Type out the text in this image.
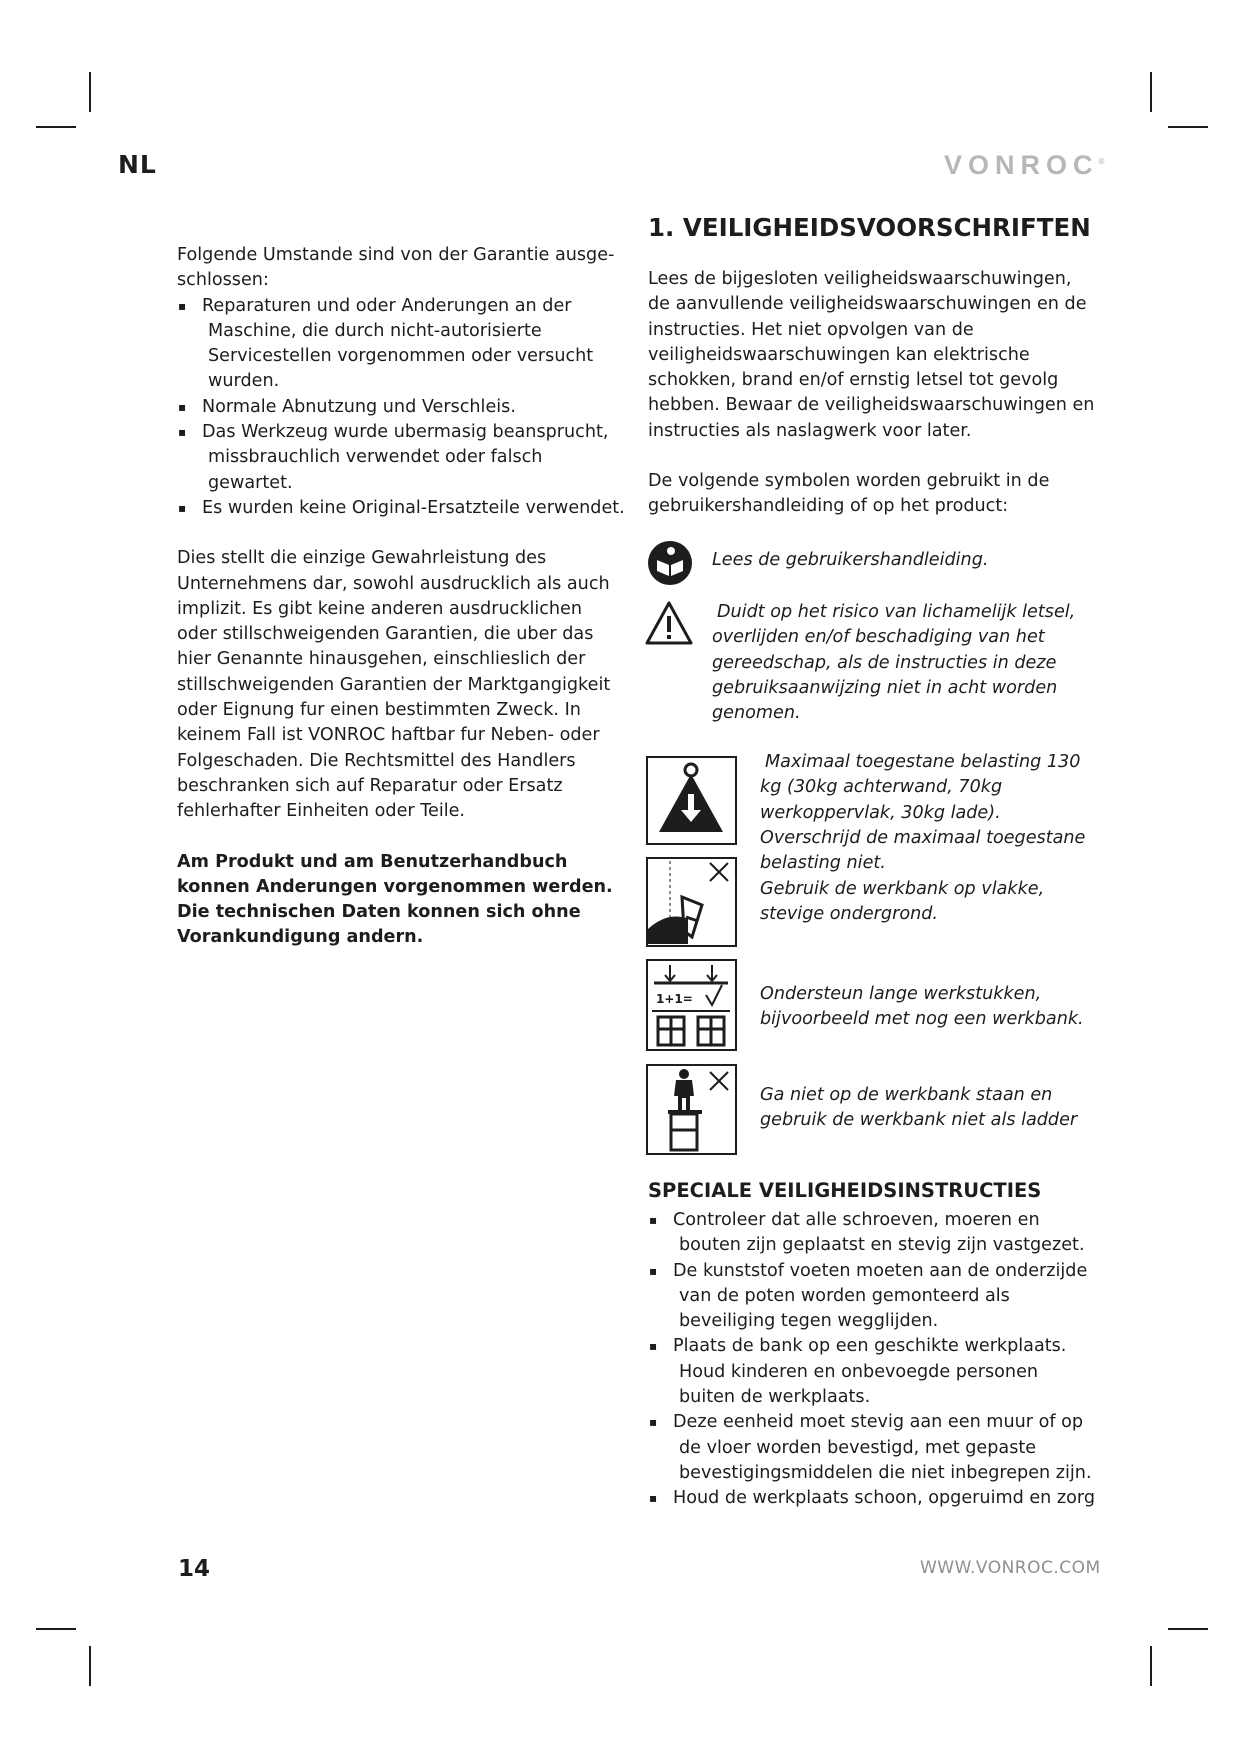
NL	VONROC®

Folgende Umstande sind von der Garantie ausge- schlossen:

▪ Reparaturen und oder Anderungen an der Maschine, die durch nicht-autorisierte Servicestellen vorgenommen oder versucht wurden.
▪ Normale Abnutzung und Verschleis.
▪ Das Werkzeug wurde ubermasig beansprucht, missbrauchlich verwendet oder falsch gewartet.
▪ Es wurden keine Original-Ersatzteile verwendet.

Dies stellt die einzige Gewahrleistung des Unternehmens dar, sowohl ausdrucklich als auch implizit. Es gibt keine anderen ausdrucklichen oder stillschweigenden Garantien, die uber das hier Genannte hinausgehen, einschlieslich der stillschweigenden Garantien der Marktgangigkeit oder Eignung fur einen bestimmten Zweck. In keinem Fall ist VONROC haftbar fur Neben- oder Folgeschaden. Die Rechtsmittel des Handlers beschranken sich auf Reparatur oder Ersatz fehlerhafter Einheiten oder Teile.

Am Produkt und am Benutzerhandbuch konnen Anderungen vorgenommen werden. Die technischen Daten konnen sich ohne Vorankundigung andern.

1. VEILIGHEIDSVOORSCHRIFTEN

Lees de bijgesloten veiligheidswaarschuwingen, de aanvullende veiligheidswaarschuwingen en de instructies. Het niet opvolgen van de veiligheidswaarschuwingen kan elektrische schokken, brand en/of ernstig letsel tot gevolg hebben. Bewaar de veiligheidswaarschuwingen en instructies als naslagwerk voor later.

De volgende symbolen worden gebruikt in de gebruikershandleiding of op het product:

Lees de gebruikershandleiding.
Duidt op het risico van lichamelijk letsel, overlijden en/of beschadiging van het gereedschap, als de instructies in deze gebruiksaanwijzing niet in acht worden genomen.
Maximaal toegestane belasting 130 kg (30kg achterwand, 70kg werkoppervlak, 30kg lade). Overschrijd de maximaal toegestane belasting niet.
Gebruik de werkbank op vlakke, stevige ondergrond.
1+1=	Ondersteun lange werkstukken, bijvoorbeeld met nog een werkbank.
Ga niet op de werkbank staan en gebruik de werkbank niet als ladder
SPECIALE VEILIGHEIDSINSTRUCTIES
▪ Controleer dat alle schroeven, moeren en bouten zijn geplaatst en stevig zijn vastgezet.
▪ De kunststof voeten moeten aan de onderzijde van de poten worden gemonteerd als beveiliging tegen wegglijden.
▪ Plaats de bank op een geschikte werkplaats. Houd kinderen en onbevoegde personen buiten de werkplaats.
▪ Deze eenheid moet stevig aan een muur of op de vloer worden bevestigd, met gepaste bevestigingsmiddelen die niet inbegrepen zijn.
▪ Houd de werkplaats schoon, opgeruimd en zorg
14	WWW.VONROC.COM
